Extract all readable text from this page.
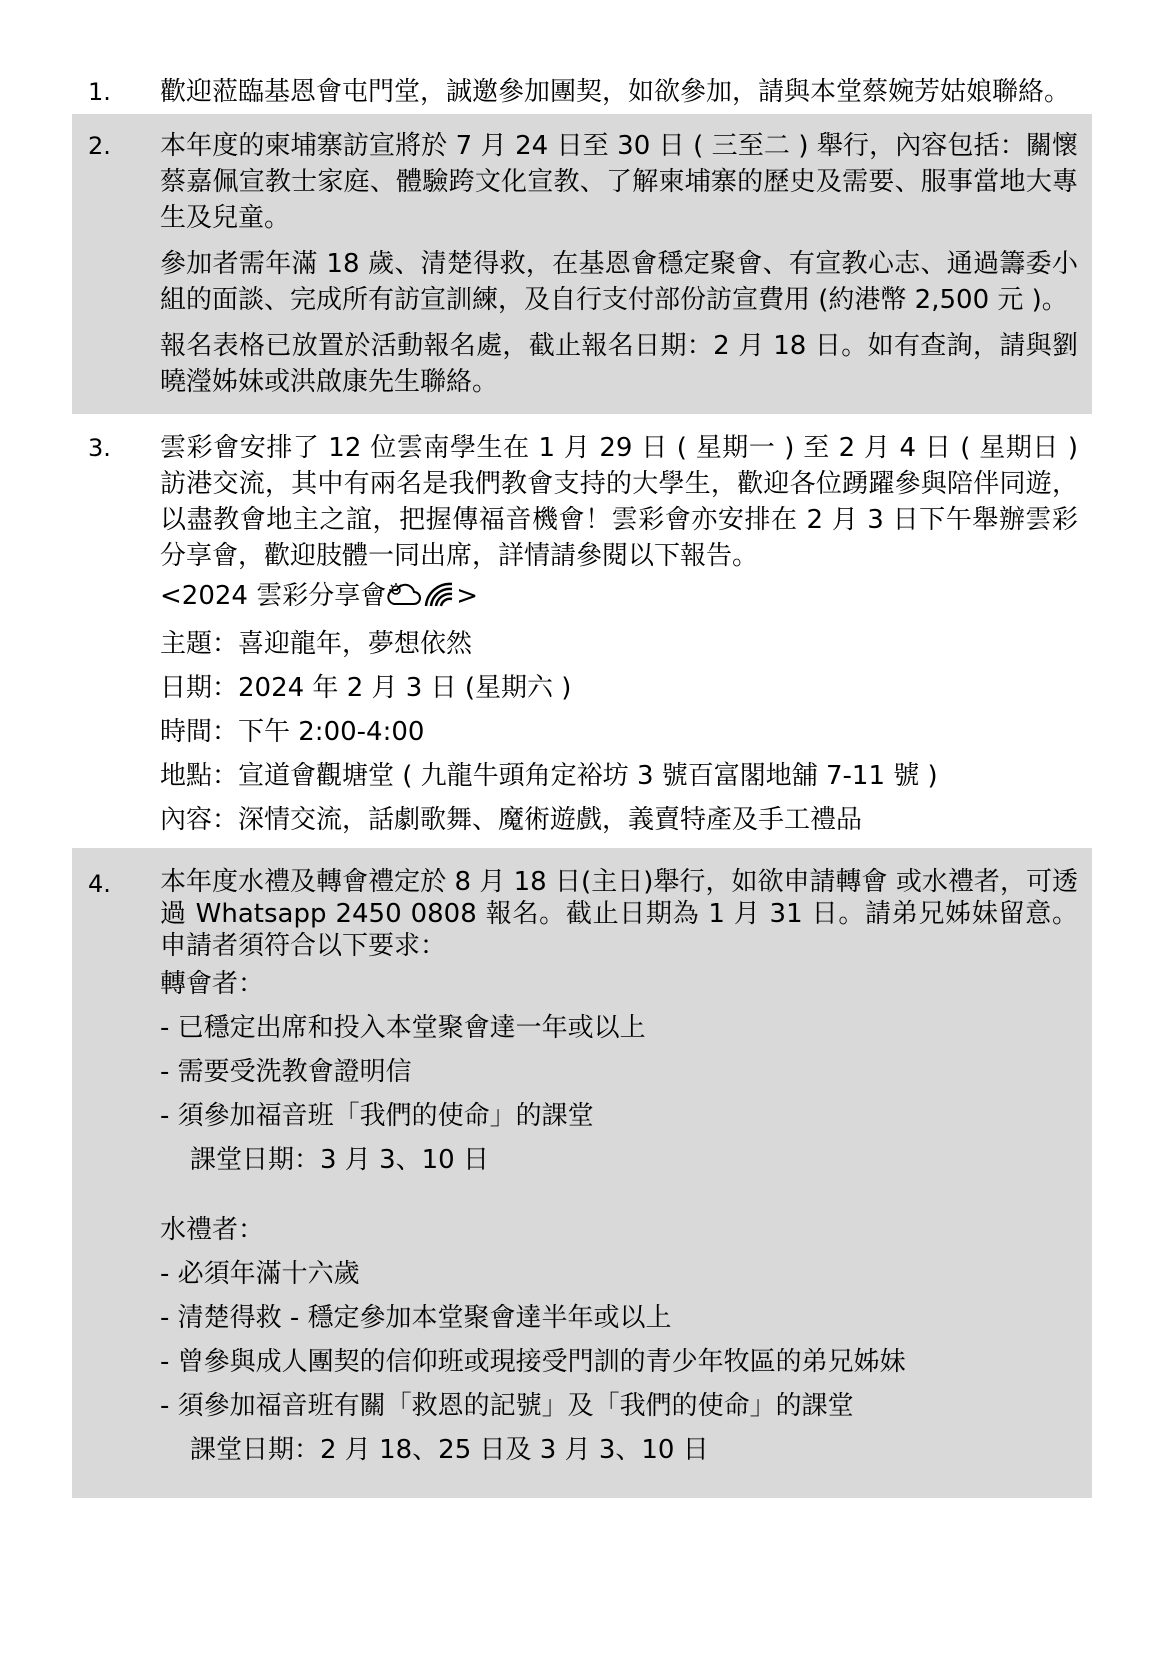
1.	歡迎蒞臨基恩會屯門堂，誠邀參加團契，如欲參加，請與本堂蔡婉芳姑娘聯絡。

2.	本年度的柬埔寨訪宣將於 7 月 24 日至 30 日 ( 三至二 ) 舉行，內容包括：關懷蔡嘉佩宣教士家庭、體驗跨文化宣教、了解柬埔寨的歷史及需要、服事當地大專生及兒童。

參加者需年滿 18 歲、清楚得救，在基恩會穩定聚會、有宣教心志、通過籌委小組的面談、完成所有訪宣訓練，及自行支付部份訪宣費用 (約港幣 2,500 元 )。

報名表格已放置於活動報名處，截止報名日期：2 月 18 日。如有查詢，請與劉曉瀅姊妹或洪啟康先生聯絡。

3.	雲彩會安排了 12 位雲南學生在 1 月 29 日 ( 星期一 ) 至 2 月 4 日 ( 星期日 ) 訪港交流，其中有兩名是我們教會支持的大學生，歡迎各位踴躍參與陪伴同遊，以盡教會地主之誼，把握傳福音機會！雲彩會亦安排在 2 月 3 日下午舉辦雲彩分享會，歡迎肢體一同出席，詳情請參閱以下報告。

<2024 雲彩分享會	>

主題：喜迎龍年，夢想依然

日期：2024 年 2 月 3 日 (星期六 )

時間：下午 2:00-4:00

地點：宣道會觀塘堂 ( 九龍牛頭角定裕坊 3 號百富閣地舖 7-11 號 )

內容：深情交流，話劇歌舞、魔術遊戲，義賣特產及手工禮品

4.	本年度水禮及轉會禮定於 8 月 18 日(主日)舉行，如欲申請轉會 或水禮者，可透過 Whatsapp 2450 0808 報名。截止日期為 1 月 31 日。請弟兄姊妹留意。 申請者須符合以下要求：

轉會者：

- 已穩定出席和投入本堂聚會達一年或以上

- 需要受洗教會證明信

- 須參加福音班「我們的使命」的課堂

課堂日期：3 月 3、10 日

水禮者：

- 必須年滿十六歲

- 清楚得救 - 穩定參加本堂聚會達半年或以上

- 曾參與成人團契的信仰班或現接受門訓的青少年牧區的弟兄姊妹

- 須參加福音班有關「救恩的記號」及「我們的使命」的課堂

課堂日期：2 月 18、25 日及 3 月 3、10 日
